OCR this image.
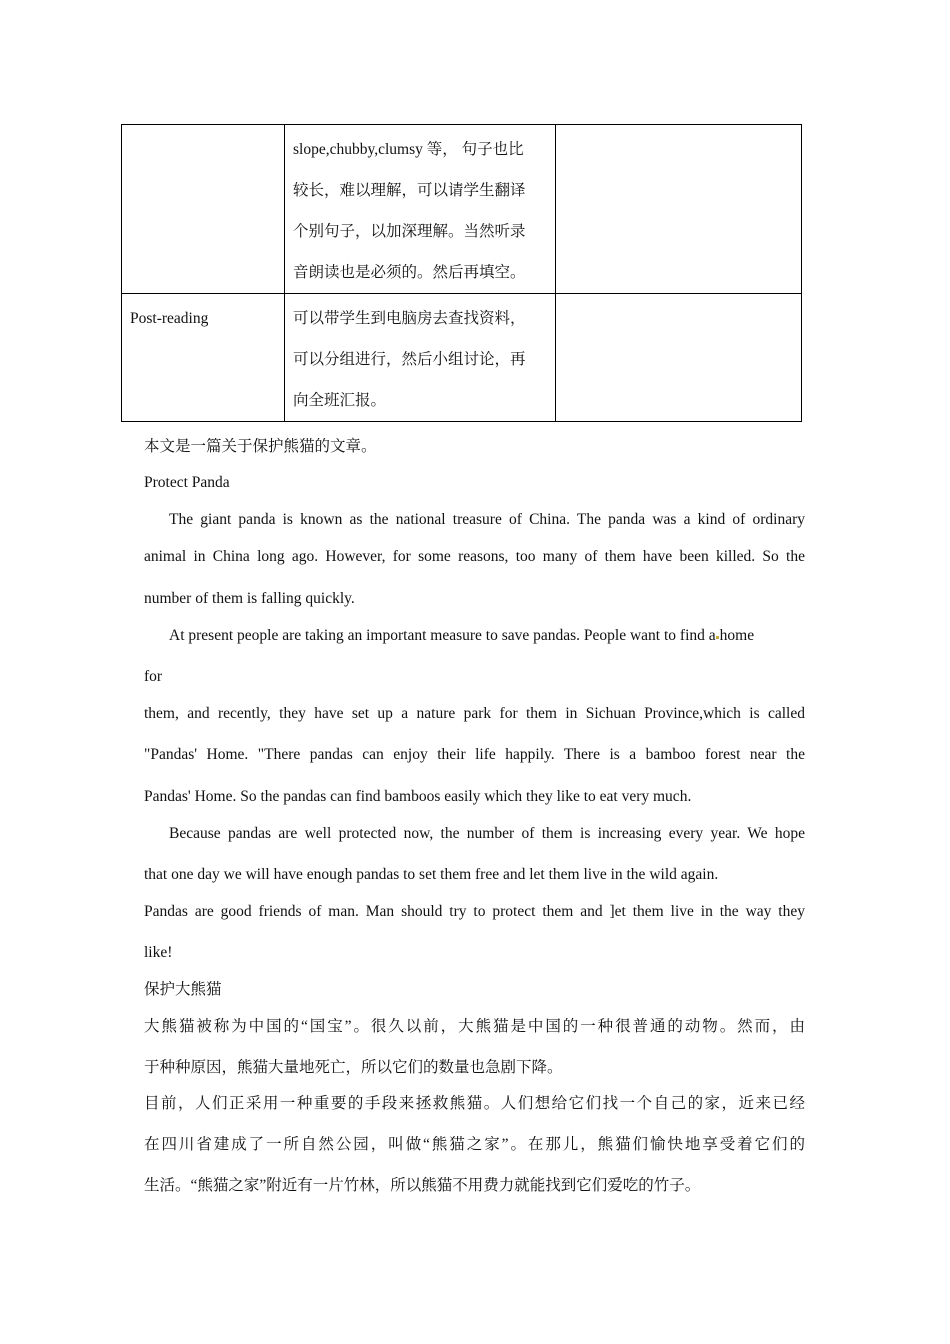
	slope,chubby,clumsy 等， 句子也比
较长，难以理解，可以请学生翻译
个别句子，以加深理解。当然听录
音朗读也是必须的。然后再填空。	

Post-reading	可以带学生到电脑房去查找资料，
可以分组进行，然后小组讨论，再
向全班汇报。	

本文是一篇关于保护熊猫的文章。
Protect Panda
The giant panda is known as the national treasure of China. The panda was a kind of ordinary
animal in China long ago. However, for some reasons, too many of them have been killed. So the
number of them is falling quickly.
At present people are taking an important measure to save pandas. People want to find a home
for
them, and recently, they have set up a nature park for them in Sichuan Province,which is called
"Pandas' Home. "There pandas can enjoy their life happily. There is a bamboo forest near the
Pandas' Home. So the pandas can find bamboos easily which they like to eat very much.
Because pandas are well protected now, the number of them is increasing every year. We hope
that one day we will have enough pandas to set them free and let them live in the wild again.
Pandas are good friends of man. Man should try to protect them and ]et them live in the way they
like!
保护大熊猫
大熊猫被称为中国的“国宝”。很久以前，大熊猫是中国的一种很普通的动物。然而，由
于种种原因，熊猫大量地死亡，所以它们的数量也急剧下降。
目前，人们正采用一种重要的手段来拯救熊猫。人们想给它们找一个自己的家，近来已经
在四川省建成了一所自然公园，叫做“熊猫之家”。在那儿，熊猫们愉快地享受着它们的
生活。“熊猫之家”附近有一片竹林，所以熊猫不用费力就能找到它们爱吃的竹子。
